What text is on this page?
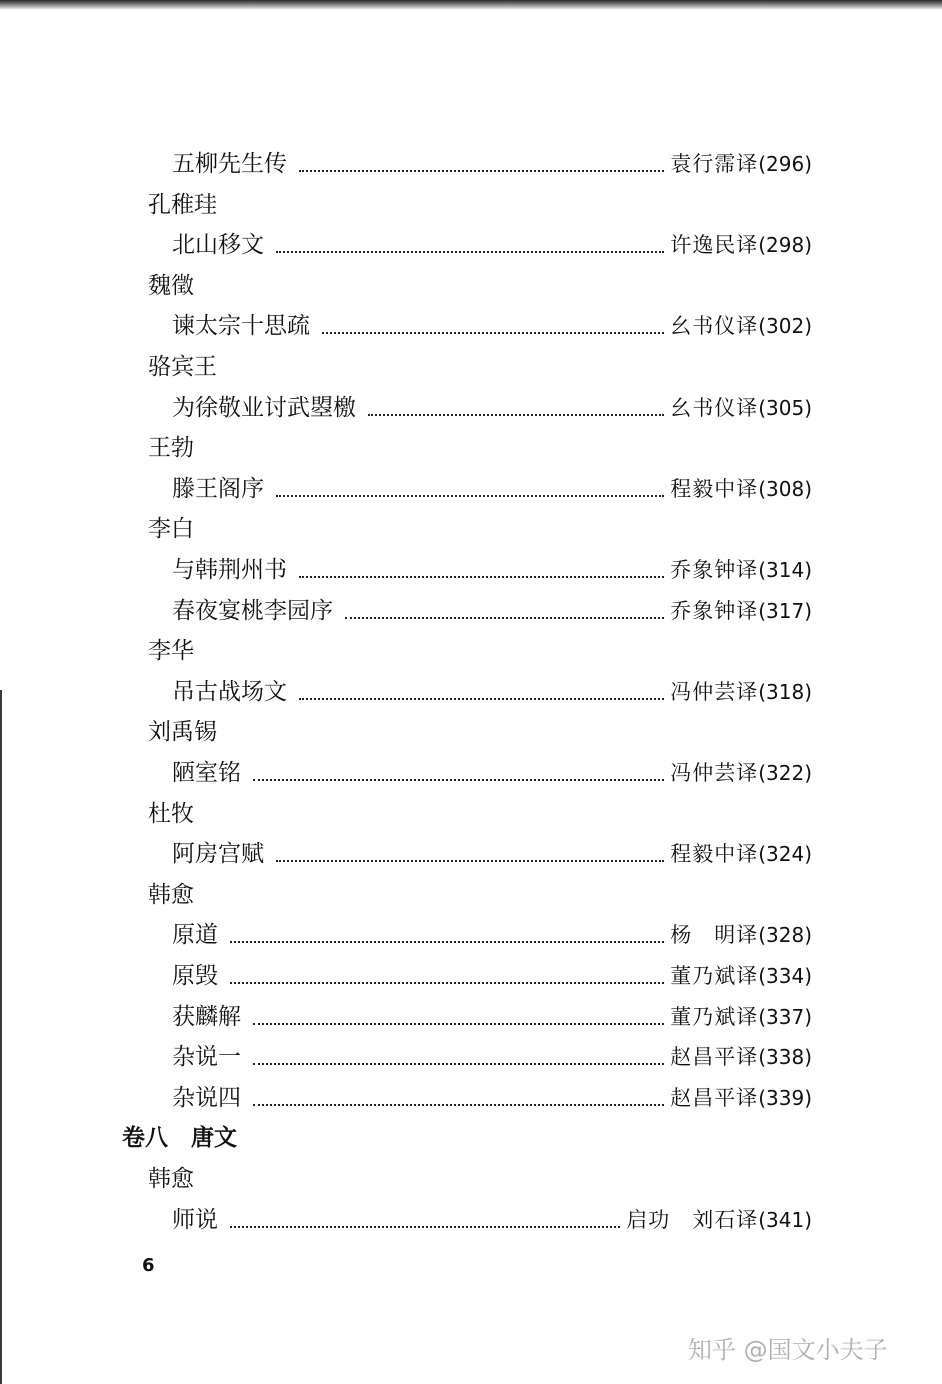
五柳先生传	袁行霈译 (296)
孔稚珪
北山移文	许逸民译 (298)
魏徵
谏太宗十思疏	幺书仪译 (302)
骆宾王
为徐敬业讨武曌檄	幺书仪译 (305)
王勃
滕王阁序	程毅中译 (308)
李白
与韩荆州书	乔象钟译 (314)
春夜宴桃李园序	乔象钟译 (317)
李华
吊古战场文	冯仲芸译 (318)
刘禹锡
陋室铭	冯仲芸译 (322)
杜牧
阿房宫赋	程毅中译 (324)
韩愈
原道	杨　明译 (328)
原毁	董乃斌译 (334)
获麟解	董乃斌译 (337)
杂说一	赵昌平译 (338)
杂说四	赵昌平译 (339)
卷八　唐文
韩愈
师说	启功　刘石译 (341)
6
知乎 @国文小夫子
